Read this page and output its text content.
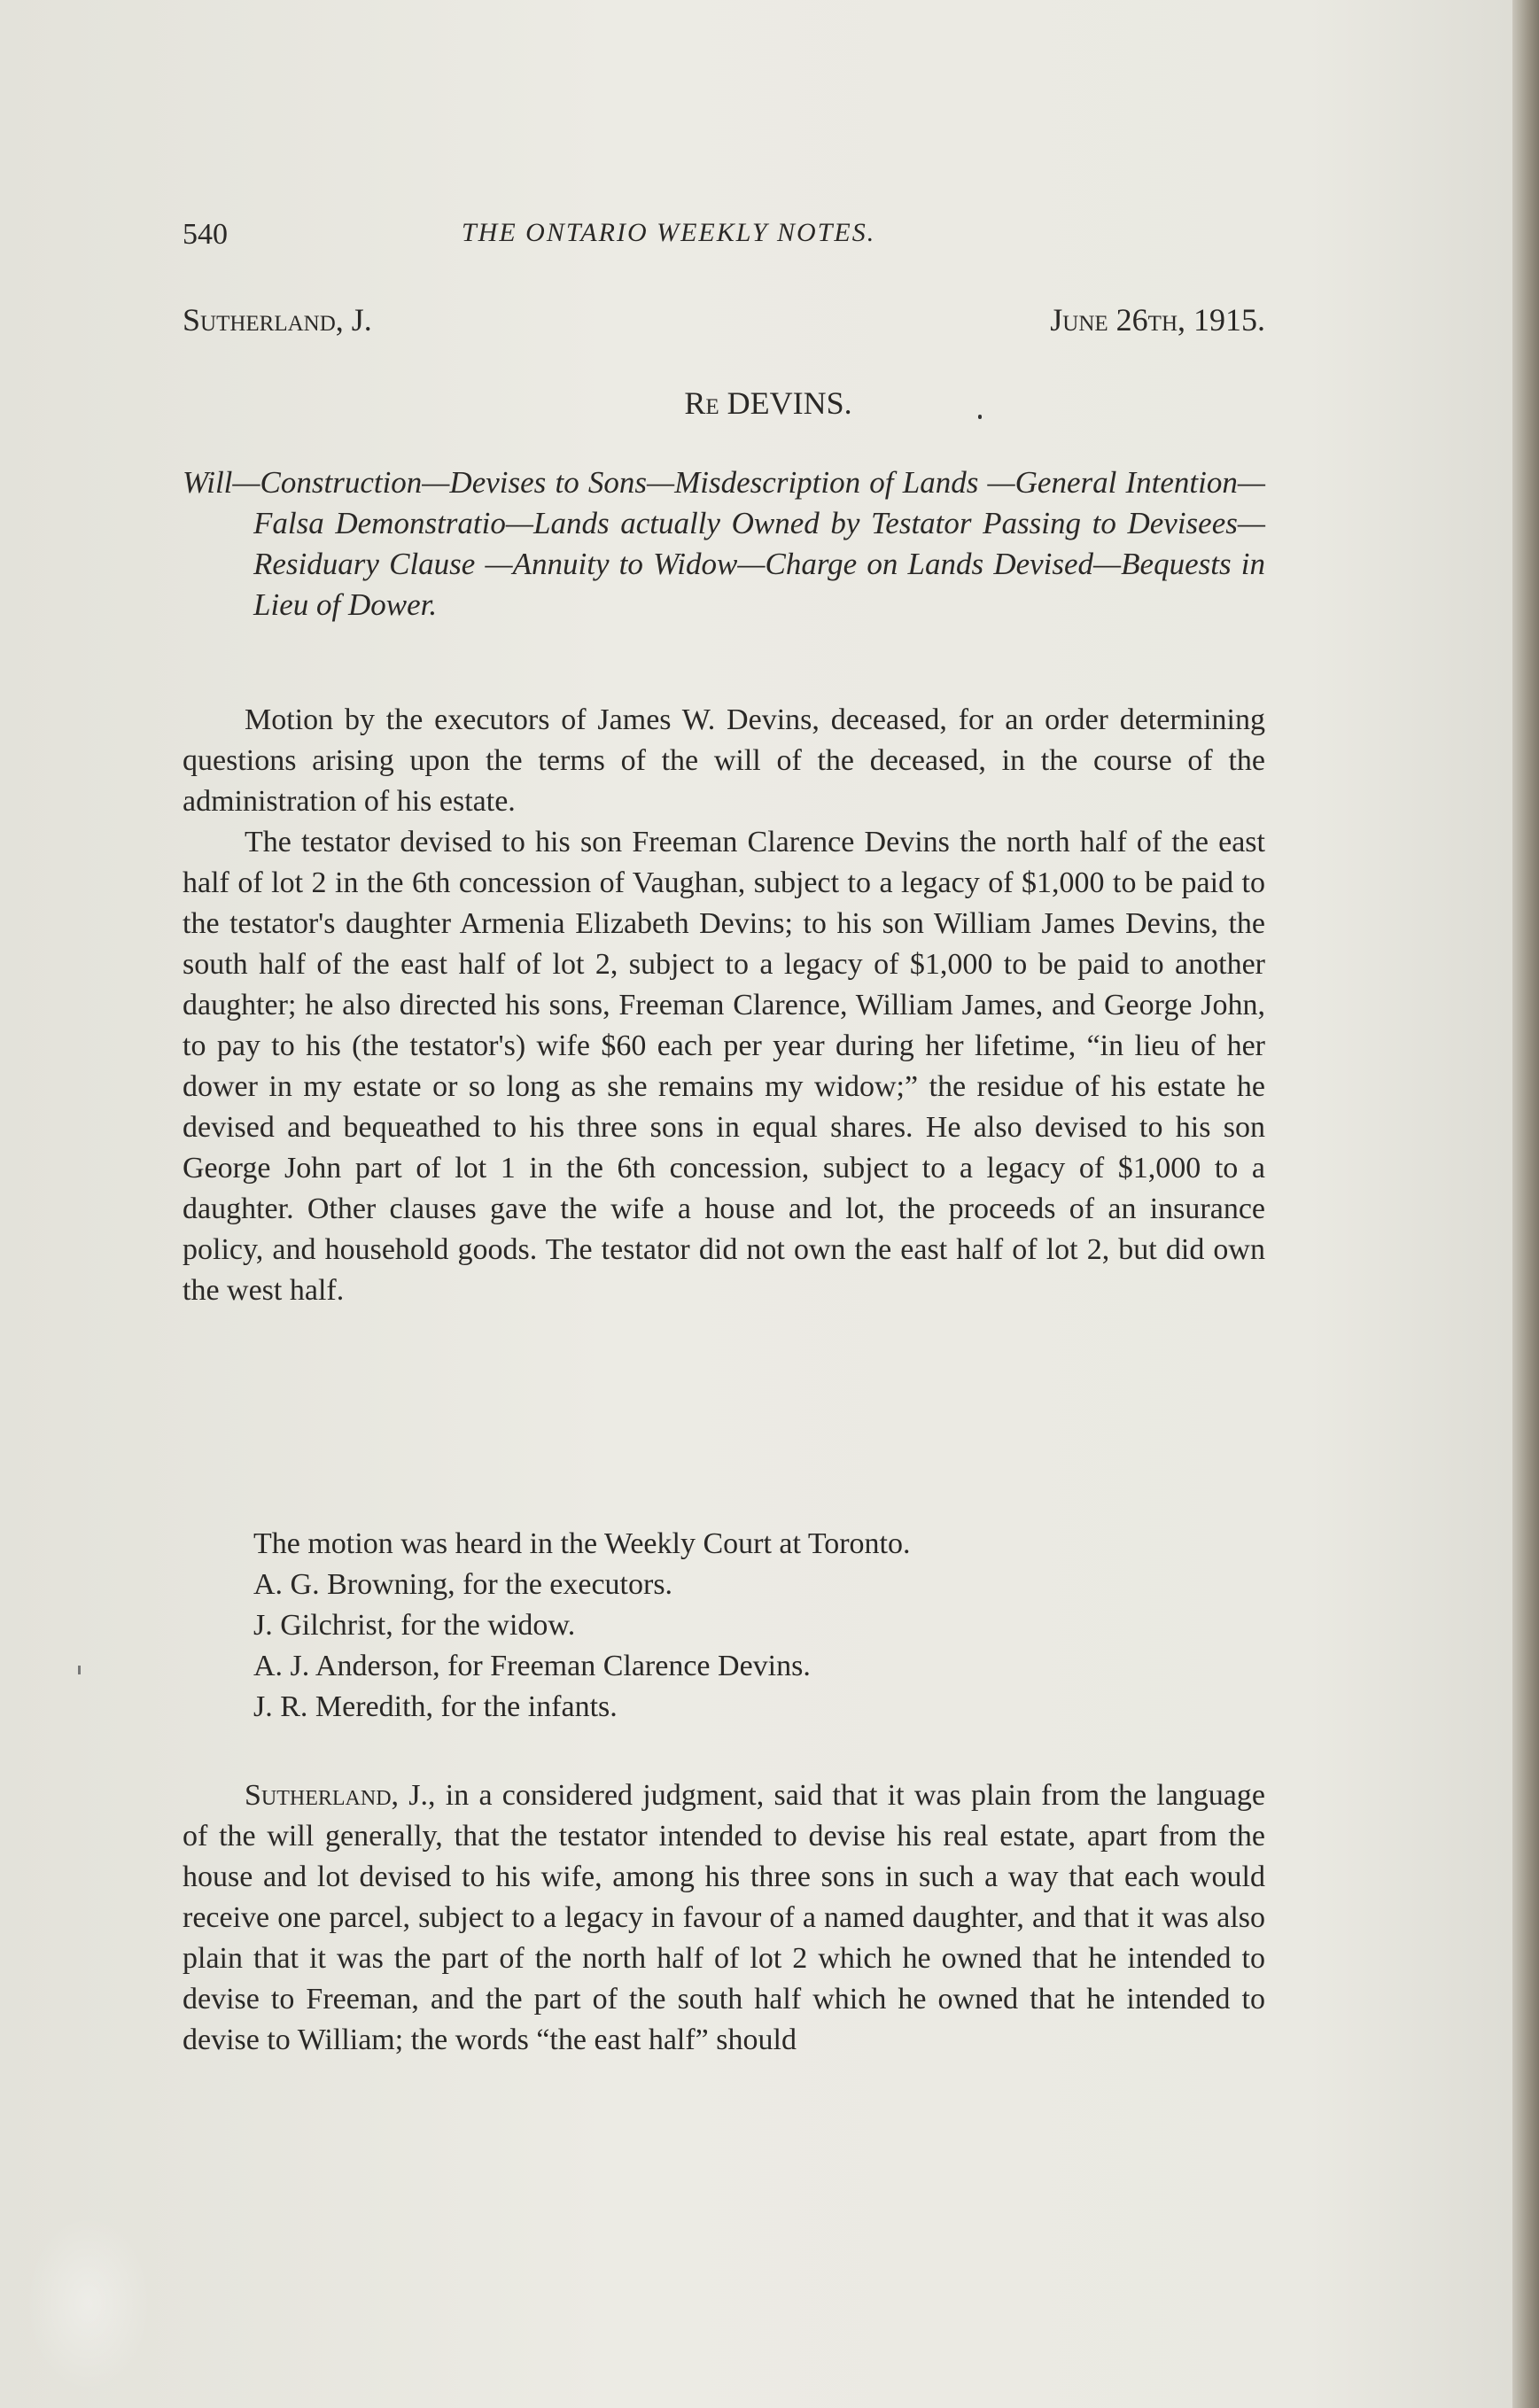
540	THE ONTARIO WEEKLY NOTES.
Sutherland, J.	June 26th, 1915.
Re DEVINS.
Will—Construction—Devises to Sons—Misdescription of Lands —General Intention—Falsa Demonstratio—Lands actually Owned by Testator Passing to Devisees—Residuary Clause —Annuity to Widow—Charge on Lands Devised—Bequests in Lieu of Dower.

Motion by the executors of James W. Devins, deceased, for an order determining questions arising upon the terms of the will of the deceased, in the course of the administration of his estate.

The testator devised to his son Freeman Clarence Devins the north half of the east half of lot 2 in the 6th concession of Vaughan, subject to a legacy of $1,000 to be paid to the testator's daughter Armenia Elizabeth Devins; to his son William James Devins, the south half of the east half of lot 2, subject to a legacy of $1,000 to be paid to another daughter; he also directed his sons, Freeman Clarence, William James, and George John, to pay to his (the testator's) wife $60 each per year during her lifetime, “in lieu of her dower in my estate or so long as she remains my widow;” the residue of his estate he devised and bequeathed to his three sons in equal shares. He also devised to his son George John part of lot 1 in the 6th concession, subject to a legacy of $1,000 to a daughter. Other clauses gave the wife a house and lot, the proceeds of an insurance policy, and household goods. The testator did not own the east half of lot 2, but did own the west half.

The motion was heard in the Weekly Court at Toronto.
A. G. Browning, for the executors.
J. Gilchrist, for the widow.
A. J. Anderson, for Freeman Clarence Devins.
J. R. Meredith, for the infants.

Sutherland, J., in a considered judgment, said that it was plain from the language of the will generally, that the testator intended to devise his real estate, apart from the house and lot devised to his wife, among his three sons in such a way that each would receive one parcel, subject to a legacy in favour of a named daughter, and that it was also plain that it was the part of the north half of lot 2 which he owned that he intended to devise to Freeman, and the part of the south half which he owned that he intended to devise to William; the words “the east half” should
